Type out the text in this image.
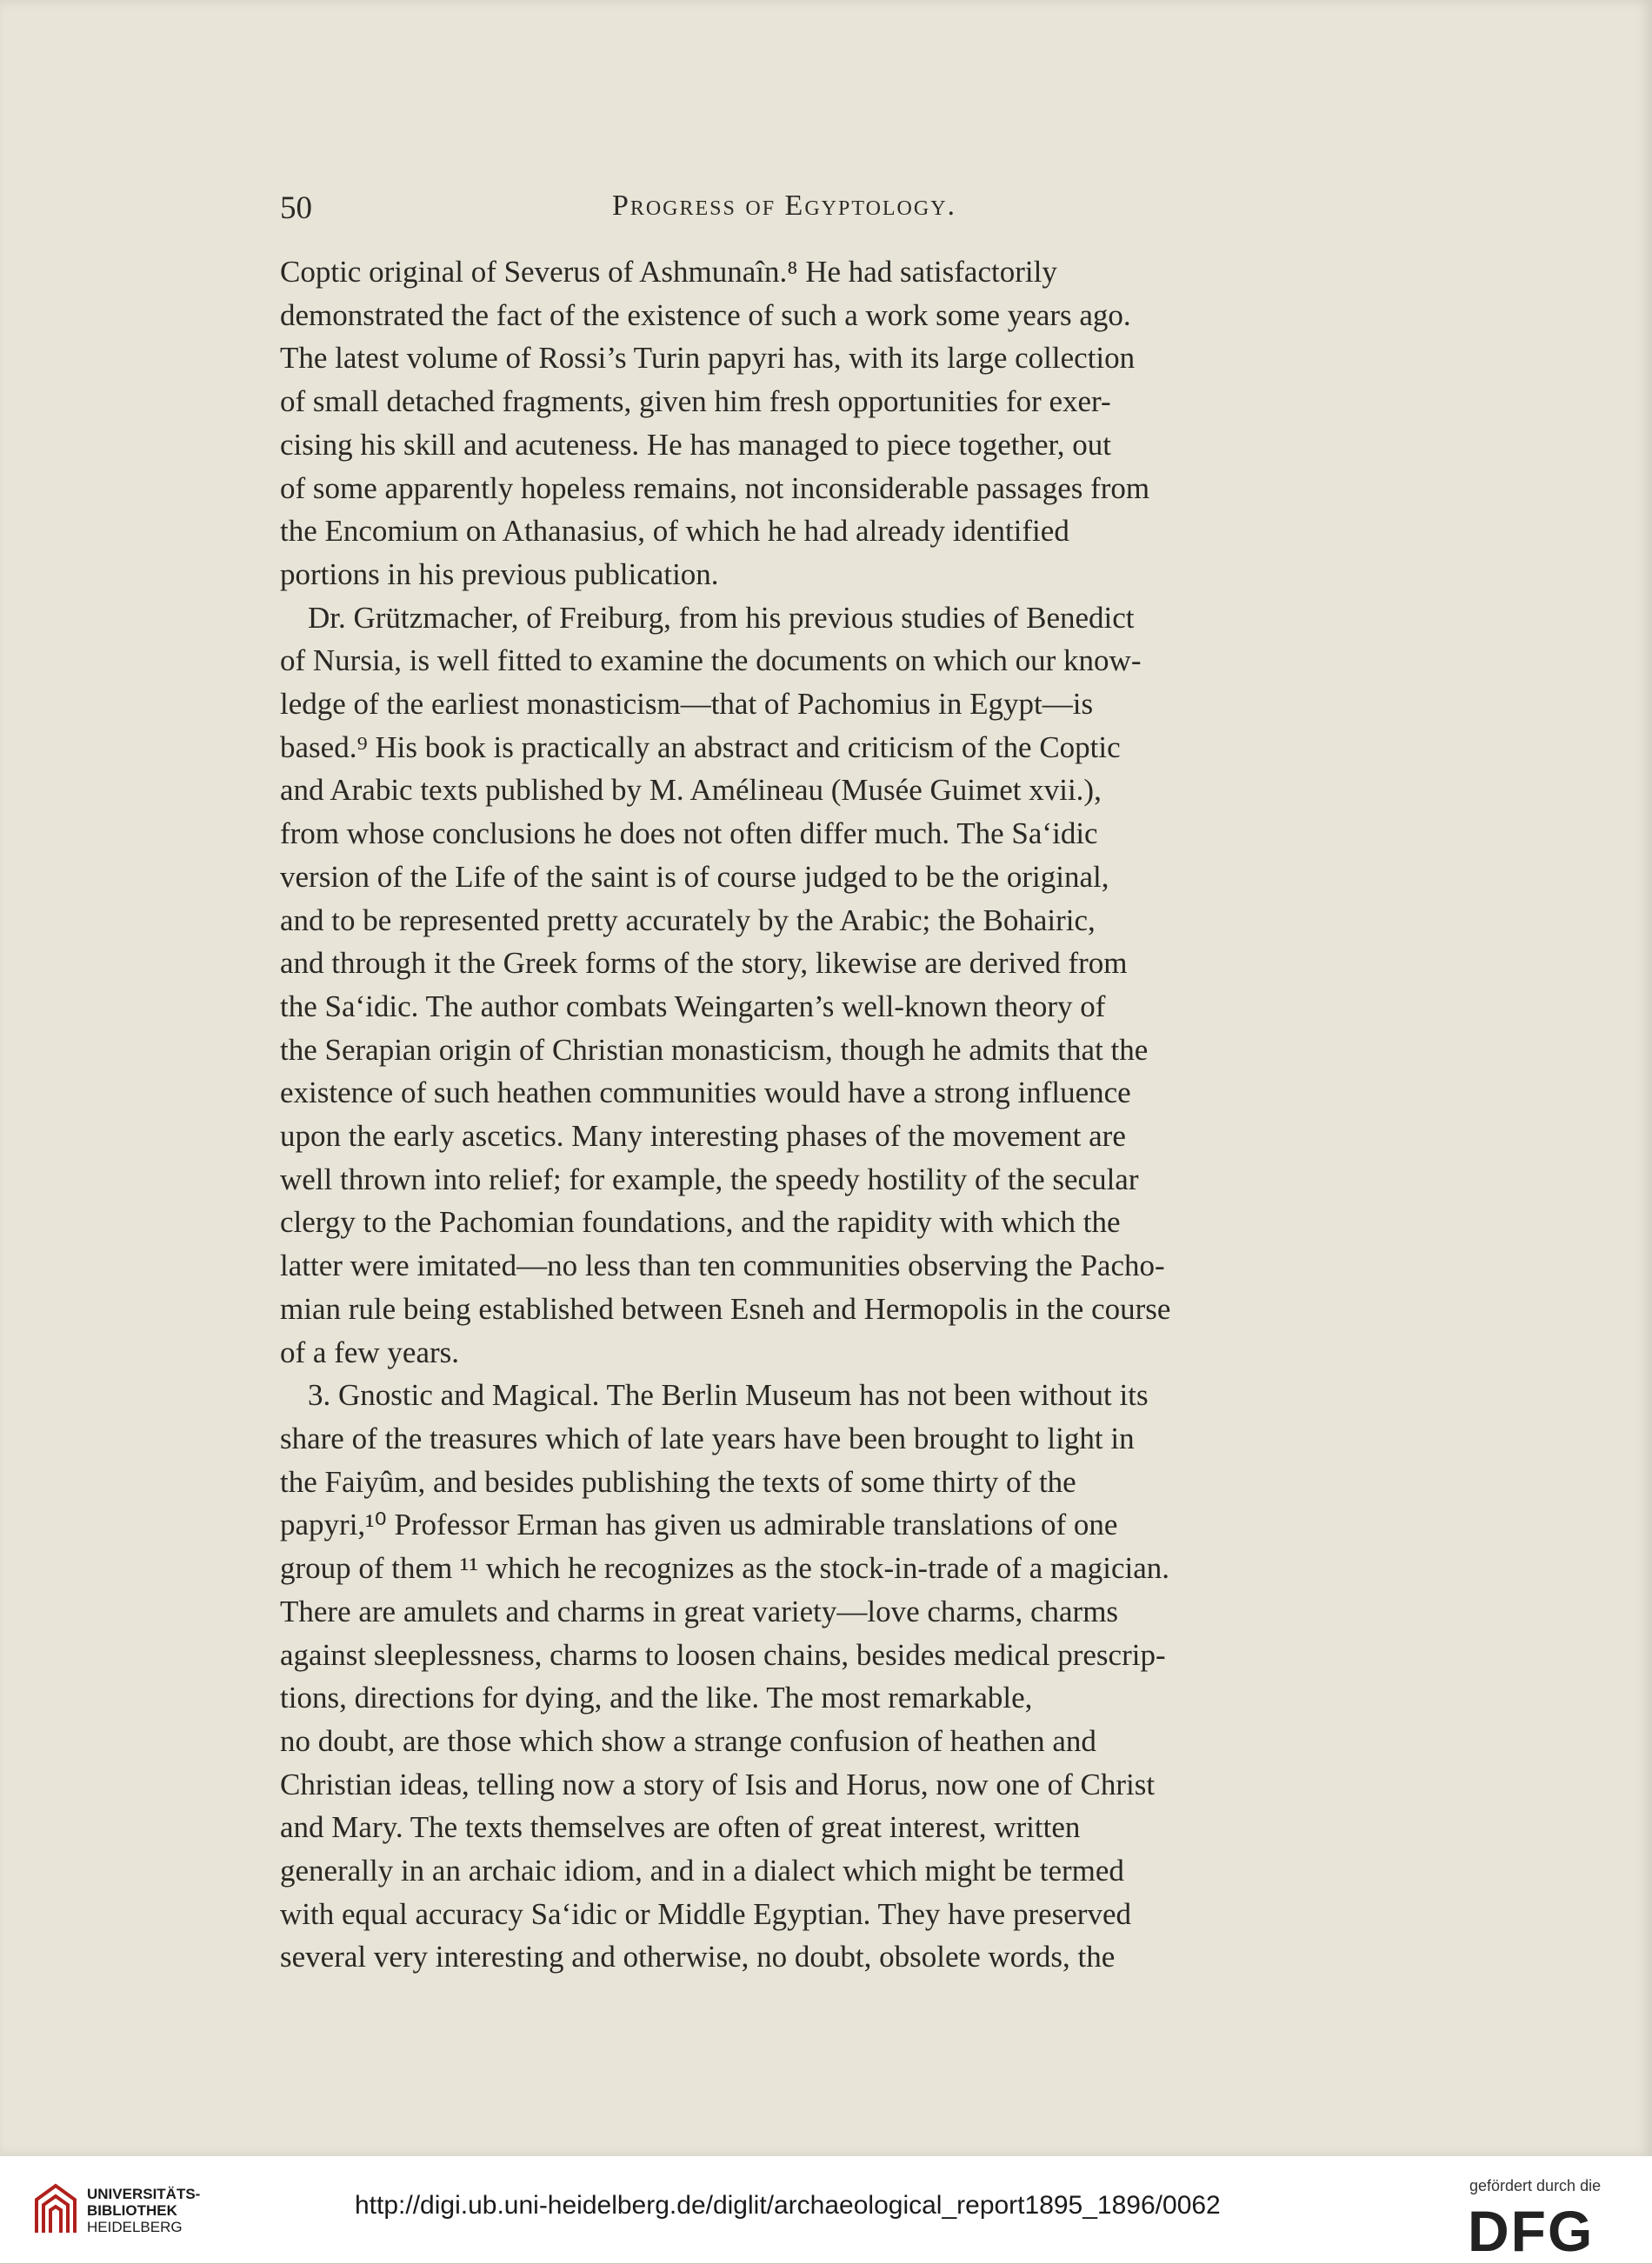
50	Progress of Egyptology.

Coptic original of Severus of Ashmunaîn.⁸ He had satisfactorily
demonstrated the fact of the existence of such a work some years ago.
The latest volume of Rossi’s Turin papyri has, with its large collection
of small detached fragments, given him fresh opportunities for exer-
cising his skill and acuteness. He has managed to piece together, out
of some apparently hopeless remains, not inconsiderable passages from
the Encomium on Athanasius, of which he had already identified
portions in his previous publication.

Dr. Grützmacher, of Freiburg, from his previous studies of Benedict
of Nursia, is well fitted to examine the documents on which our know-
ledge of the earliest monasticism—that of Pachomius in Egypt—is
based.⁹ His book is practically an abstract and criticism of the Coptic
and Arabic texts published by M. Amélineau (Musée Guimet xvii.),
from whose conclusions he does not often differ much. The Sa‘idic
version of the Life of the saint is of course judged to be the original,
and to be represented pretty accurately by the Arabic; the Bohairic,
and through it the Greek forms of the story, likewise are derived from
the Sa‘idic. The author combats Weingarten’s well-known theory of
the Serapian origin of Christian monasticism, though he admits that the
existence of such heathen communities would have a strong influence
upon the early ascetics. Many interesting phases of the movement are
well thrown into relief; for example, the speedy hostility of the secular
clergy to the Pachomian foundations, and the rapidity with which the
latter were imitated—no less than ten communities observing the Pacho-
mian rule being established between Esneh and Hermopolis in the course
of a few years.

3. Gnostic and Magical. The Berlin Museum has not been without its
share of the treasures which of late years have been brought to light in
the Faiyûm, and besides publishing the texts of some thirty of the
papyri,¹⁰ Professor Erman has given us admirable translations of one
group of them ¹¹ which he recognizes as the stock-in-trade of a magician.
There are amulets and charms in great variety—love charms, charms
against sleeplessness, charms to loosen chains, besides medical prescrip-
tions, directions for dying, and the like. The most remarkable,
no doubt, are those which show a strange confusion of heathen and
Christian ideas, telling now a story of Isis and Horus, now one of Christ
and Mary. The texts themselves are often of great interest, written
generally in an archaic idiom, and in a dialect which might be termed
with equal accuracy Sa‘idic or Middle Egyptian. They have preserved
several very interesting and otherwise, no doubt, obsolete words, the

UNIVERSITÄTS-
BIBLIOTHEK
HEIDELBERG
http://digi.ub.uni-heidelberg.de/diglit/archaeological_report1895_1896/0062
gefördert durch die
DFG
